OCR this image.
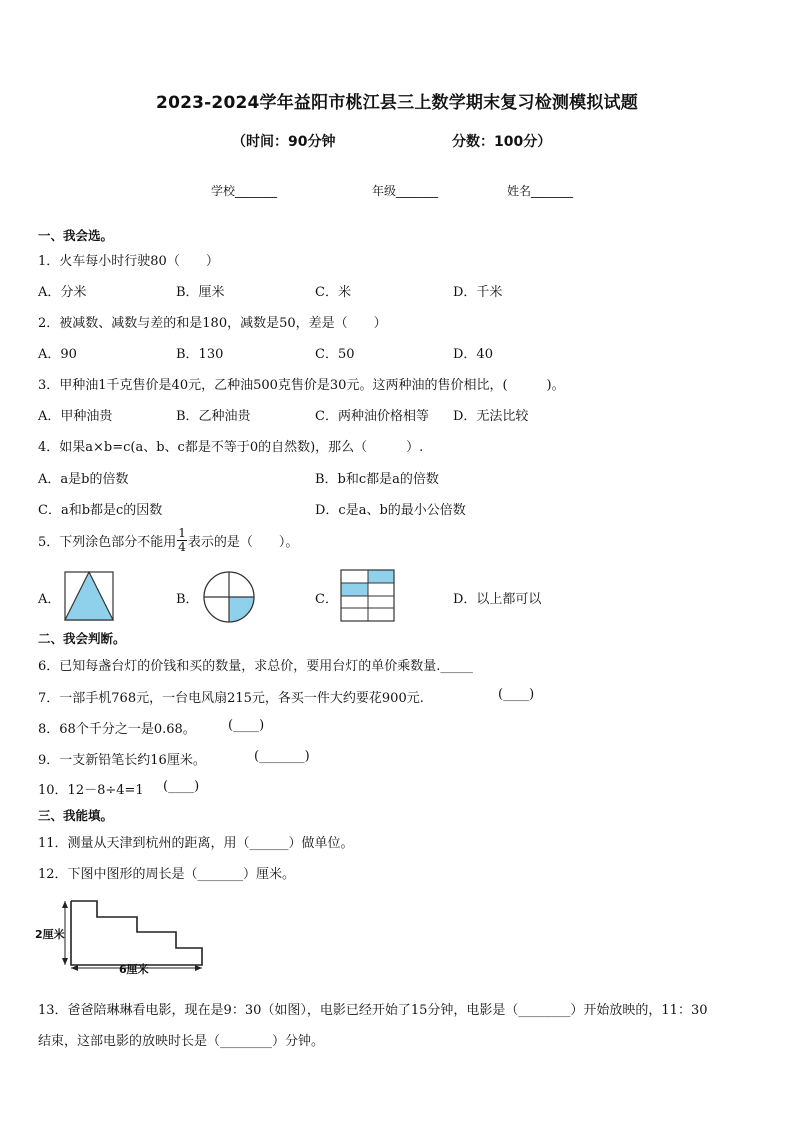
2023-2024学年益阳市桃江县三上数学期末复习检测模拟试题
（时间：90分钟	分数：100分）
学校_______	年级_______	姓名_______
一、我会选。
1．火车每小时行驶80（　　）
A．分米	B．厘米	C．米	D．千米
2．被减数、减数与差的和是180，减数是50，差是（　　）
A．90	B．130	C．50	D．40
3．甲种油1千克售价是40元，乙种油500克售价是30元。这两种油的售价相比，(　　　)。
A．甲种油贵	B．乙种油贵	C．两种油价格相等 D．无法比较
4．如果a×b=c(a、b、c都是不等于0的自然数)，那么（　　　）.
A．a是b的倍数	B．b和c都是a的倍数
C．a和b都是c的因数	D．c是a、b的最小公倍数
5．下列涂色部分不能用 $\frac{1}{4}$ 表示的是（　　）。
A．	B．	C．	D．以上都可以
二、我会判断。
6．已知每盏台灯的价钱和买的数量，求总价，要用台灯的单价乘数量._____
7．一部手机768元，一台电风扇215元，各买一件大约要花900元.	(____)
8．68个千分之一是0.68。 (____)
9．一支新铅笔长约16厘米。	(_______)
10．12－8÷4=1 (____)
三、我能填。
11．测量从天津到杭州的距离，用（______）做单位。
12．下图中图形的周长是（_______）厘米。
2厘米
6厘米
13．爸爸陪琳琳看电影，现在是9：30（如图），电影已经开始了15分钟，电影是（________）开始放映的，11：30
结束，这部电影的放映时长是（________）分钟。
